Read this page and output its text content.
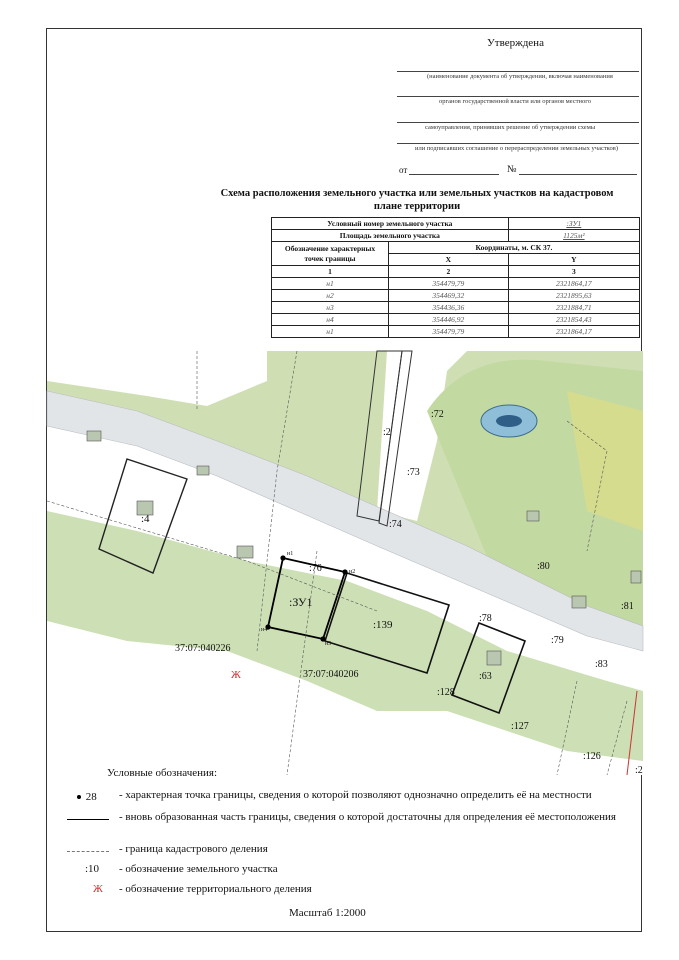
Утверждена
(наименование документа об утверждении, включая наименования
органов государственной власти или органов местного
самоуправления, принявших решение об утверждении схемы
или подписавших соглашение о перераспределении земельных участков)
от	№
Схема расположения земельного участка или земельных участков на кадастровом плане территории
Условный номер земельного участка		:ЗУ1
Площадь земельного участка		1125м²
Обозначение характерных точек границы	Координаты, м. СК 37.	
	X	Y
1	2	3
н1	354479,79	2321864,17
н2	354469,32	2321895,63
н3	354436,36	2321884,71
н4	354446,92	2321854,43
н1	354479,79	2321864,17
:72
:2
:73
:74
:4
:76
:ЗУ1
:139
:78
:80
:81
:79
:83
:63
:128
:127
:126
:2
37:07:040226
37:07:040206
Ж
н1
н2
н3
н4
Условные обозначения:
28 - характерная точка границы, сведения о которой позволяют однозначно определить её на местности
- вновь образованная часть границы, сведения о которой достаточны для определения её местоположения
- граница кадастрового деления
:10 - обозначение земельного участка
Ж - обозначение территориального деления
Масштаб 1:2000
